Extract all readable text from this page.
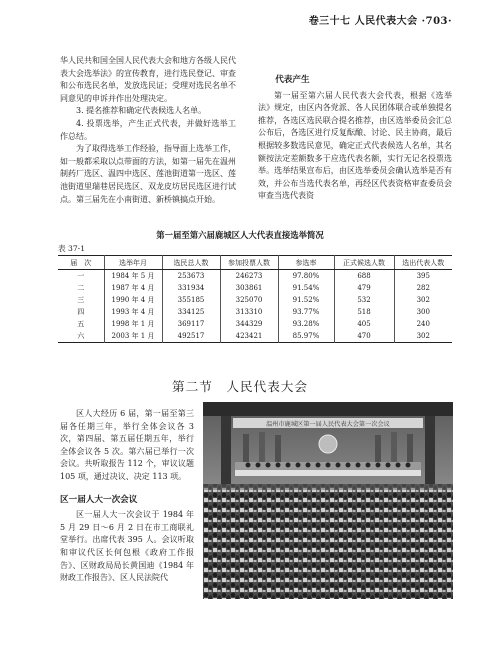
卷三十七 人民代表大会 ·703·

华人民共和国全国人民代表大会和地方各级人民代表大会选举法》的宣传教育，进行选民登记、审查和公布选民名单，发放选民证；受理对选民名单不同意见的申诉并作出处理决定。

3. 提名推荐和确定代表候选人名单。

4. 投票选举，产生正式代表，并做好选举工作总结。

为了取得选举工作经验，指导面上选举工作，如一般都采取以点带面的方法，如第一届先在温州制药厂选区、温四中选区、莲池街道第一选区、莲池街道里瑞巷居民选区、双龙皮坊居民选区进行试点。第三届先在小南街道、新桥镇搞点开始。

代表产生

第一届至第六届人民代表大会代表，根据《选举法》规定，由区内各党派、各人民团体联合或单独提名推荐，各选区选民联合提名推荐，由区选举委员会汇总公布后，各选区进行反复酝酿、讨论、民主协商，最后根据较多数选民意见，确定正式代表候选人名单，其名额按法定差额数多于应选代表名额，实行无记名投票选举。选举结果宣布后，由区选举委员会确认选举是否有效，并公布当选代表名单，再经区代表资格审查委员会审查当选代表资

第一届至第六届鹿城区人大代表直接选举简况
表 37-1
届　次	选举年月	选民总人数	参加投票人数	参选率	正式候选人数	选出代表人数
一	1984 年 5 月	253673	246273	97.80%	688	395
二	1987 年 4 月	331934	303861	91.54%	479	282
三	1990 年 4 月	355185	325070	91.52%	532	302
四	1993 年 4 月	334125	313310	93.77%	518	300
五	1998 年 1 月	369117	344329	93.28%	405	240
六	2003 年 1 月	492517	423421	85.97%	470	302
第二节　人民代表大会

区人大经历 6 届，第一届至第三届各任期三年，举行全体会议各 3 次，第四届、第五届任期五年，举行全体会议各 5 次。第六届已举行一次会议。共听取报告 112 个，审议议题 105 项，通过决议、决定 113 项。

区一届人大一次会议

区一届人大一次会议于 1984 年 5 月 29 日～6 月 2 日在市工商联礼堂举行。出席代表 395 人。会议听取和审议代区长何包根《政府工作报告》、区财政局局长黄国迪《1984 年财政工作报告》、区人民法院代

温州市鹿城区第一届人民代表大会第一次会议
